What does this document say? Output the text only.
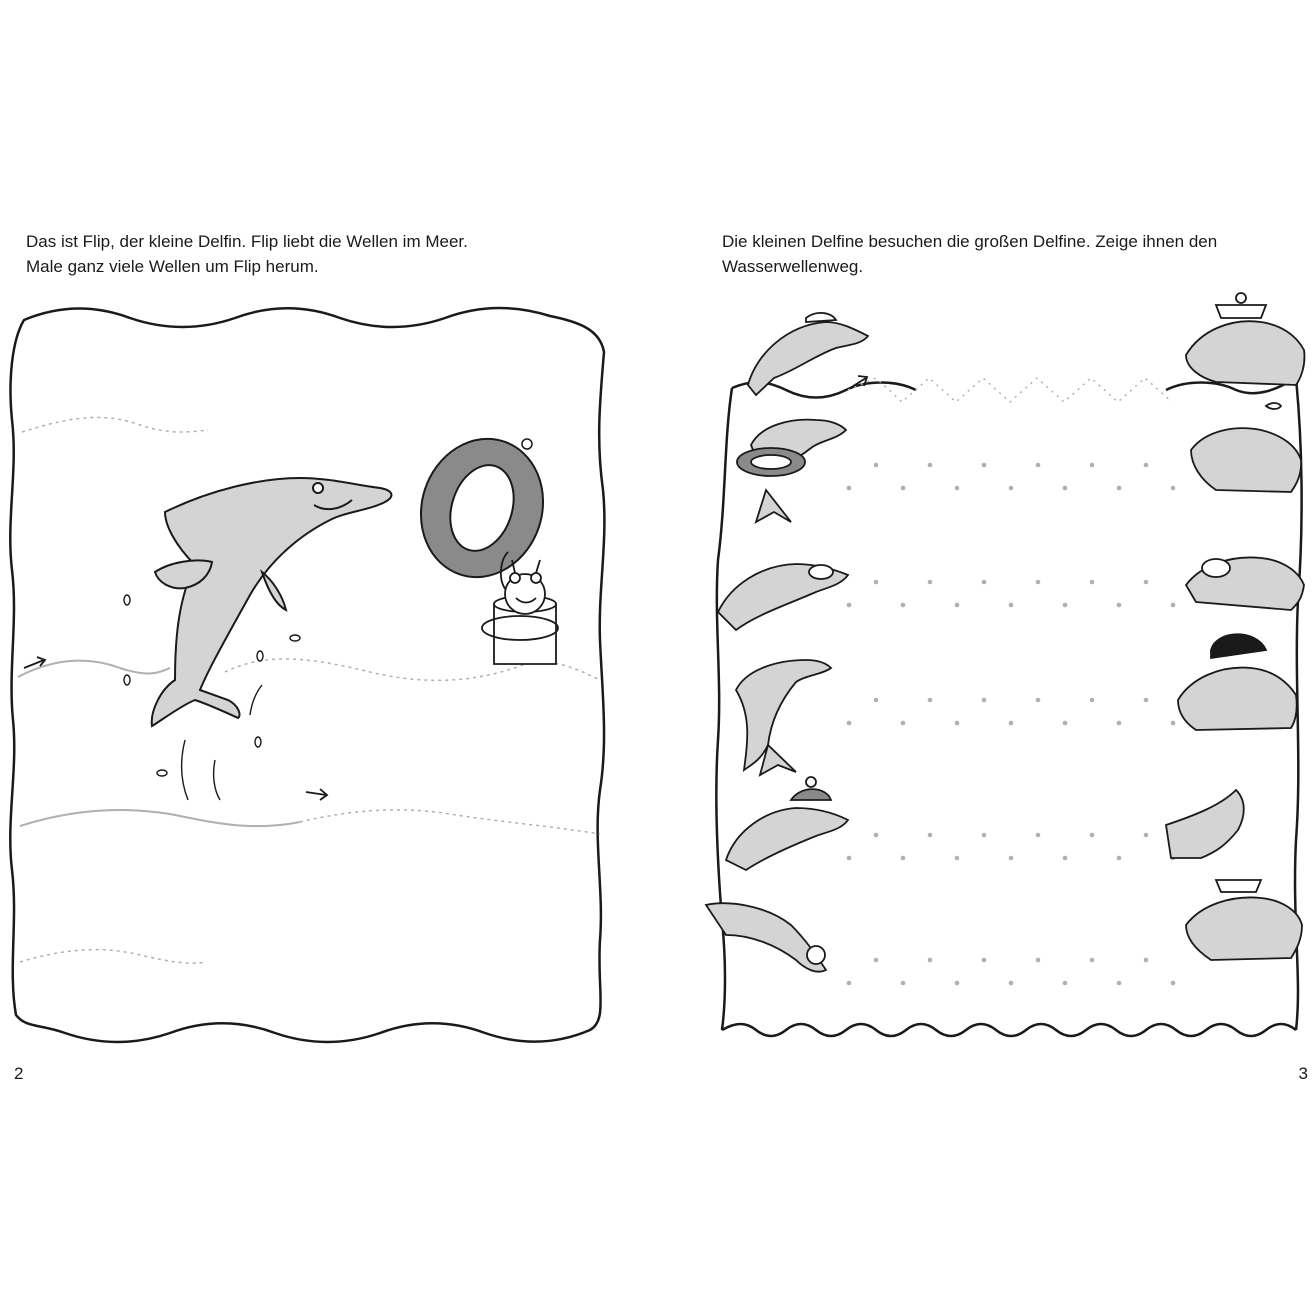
Das ist Flip, der kleine Delfin. Flip liebt die Wellen im Meer.
Male ganz viele Wellen um Flip herum.

2

Die kleinen Delfine besuchen die großen Delfine. Zeige ihnen den
Wasserwellenweg.

3
